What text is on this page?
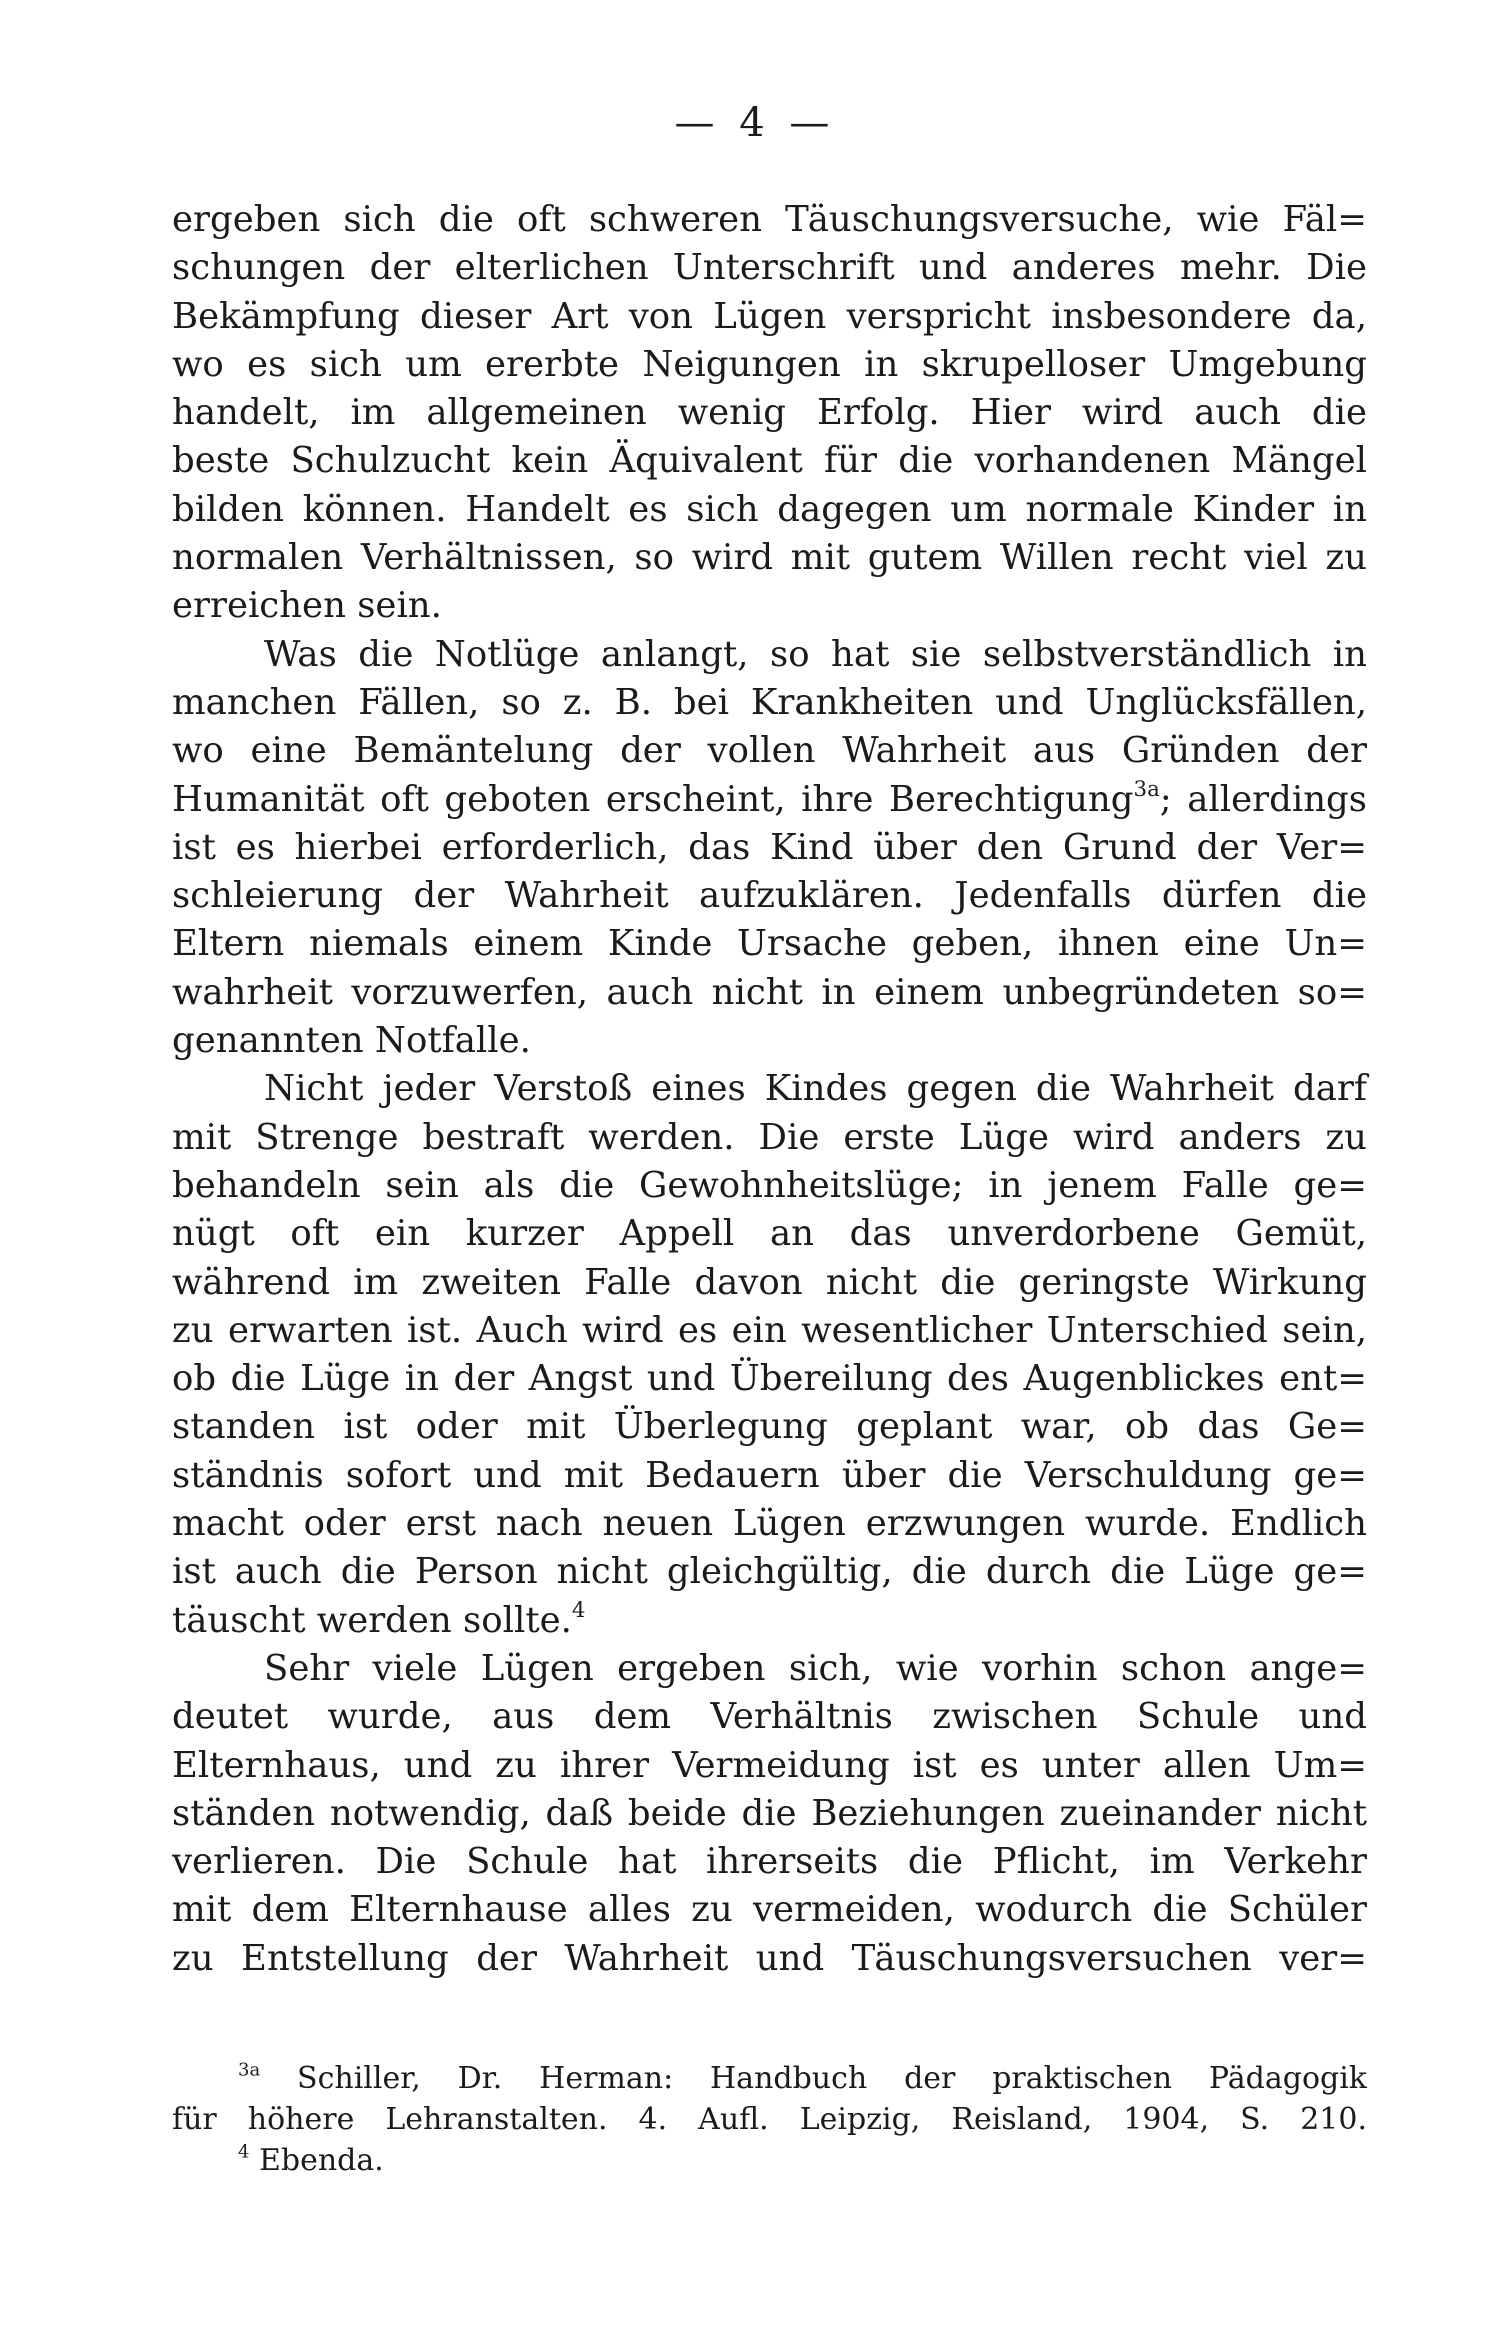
— 4 —
ergeben sich die oft schweren Täuschungsversuche, wie Fäl=
schungen der elterlichen Unterschrift und anderes mehr. Die
Bekämpfung dieser Art von Lügen verspricht insbesondere da,
wo es sich um ererbte Neigungen in skrupelloser Umgebung
handelt, im allgemeinen wenig Erfolg. Hier wird auch die
beste Schulzucht kein Äquivalent für die vorhandenen Mängel
bilden können. Handelt es sich dagegen um normale Kinder in
normalen Verhältnissen, so wird mit gutem Willen recht viel zu
erreichen sein.
Was die Notlüge anlangt, so hat sie selbstverständlich in
manchen Fällen, so z. B. bei Krankheiten und Unglücksfällen,
wo eine Bemäntelung der vollen Wahrheit aus Gründen der
Humanität oft geboten erscheint, ihre Berechtigung$^{3a}$; allerdings
ist es hierbei erforderlich, das Kind über den Grund der Ver=
schleierung der Wahrheit aufzuklären. Jedenfalls dürfen die
Eltern niemals einem Kinde Ursache geben, ihnen eine Un=
wahrheit vorzuwerfen, auch nicht in einem unbegründeten so=
genannten Notfalle.
Nicht jeder Verstoß eines Kindes gegen die Wahrheit darf
mit Strenge bestraft werden. Die erste Lüge wird anders zu
behandeln sein als die Gewohnheitslüge; in jenem Falle ge=
nügt oft ein kurzer Appell an das unverdorbene Gemüt,
während im zweiten Falle davon nicht die geringste Wirkung
zu erwarten ist. Auch wird es ein wesentlicher Unterschied sein,
ob die Lüge in der Angst und Übereilung des Augenblickes ent=
standen ist oder mit Überlegung geplant war, ob das Ge=
ständnis sofort und mit Bedauern über die Verschuldung ge=
macht oder erst nach neuen Lügen erzwungen wurde. Endlich
ist auch die Person nicht gleichgültig, die durch die Lüge ge=
täuscht werden sollte.$^4$
Sehr viele Lügen ergeben sich, wie vorhin schon ange=
deutet wurde, aus dem Verhältnis zwischen Schule und
Elternhaus, und zu ihrer Vermeidung ist es unter allen Um=
ständen notwendig, daß beide die Beziehungen zueinander nicht
verlieren. Die Schule hat ihrerseits die Pflicht, im Verkehr
mit dem Elternhause alles zu vermeiden, wodurch die Schüler
zu Entstellung der Wahrheit und Täuschungsversuchen ver=
$^{3a}$ Schiller, Dr. Herman: Handbuch der praktischen Pädagogik
für höhere Lehranstalten. 4. Aufl. Leipzig, Reisland, 1904, S. 210.
$^4$ Ebenda.
